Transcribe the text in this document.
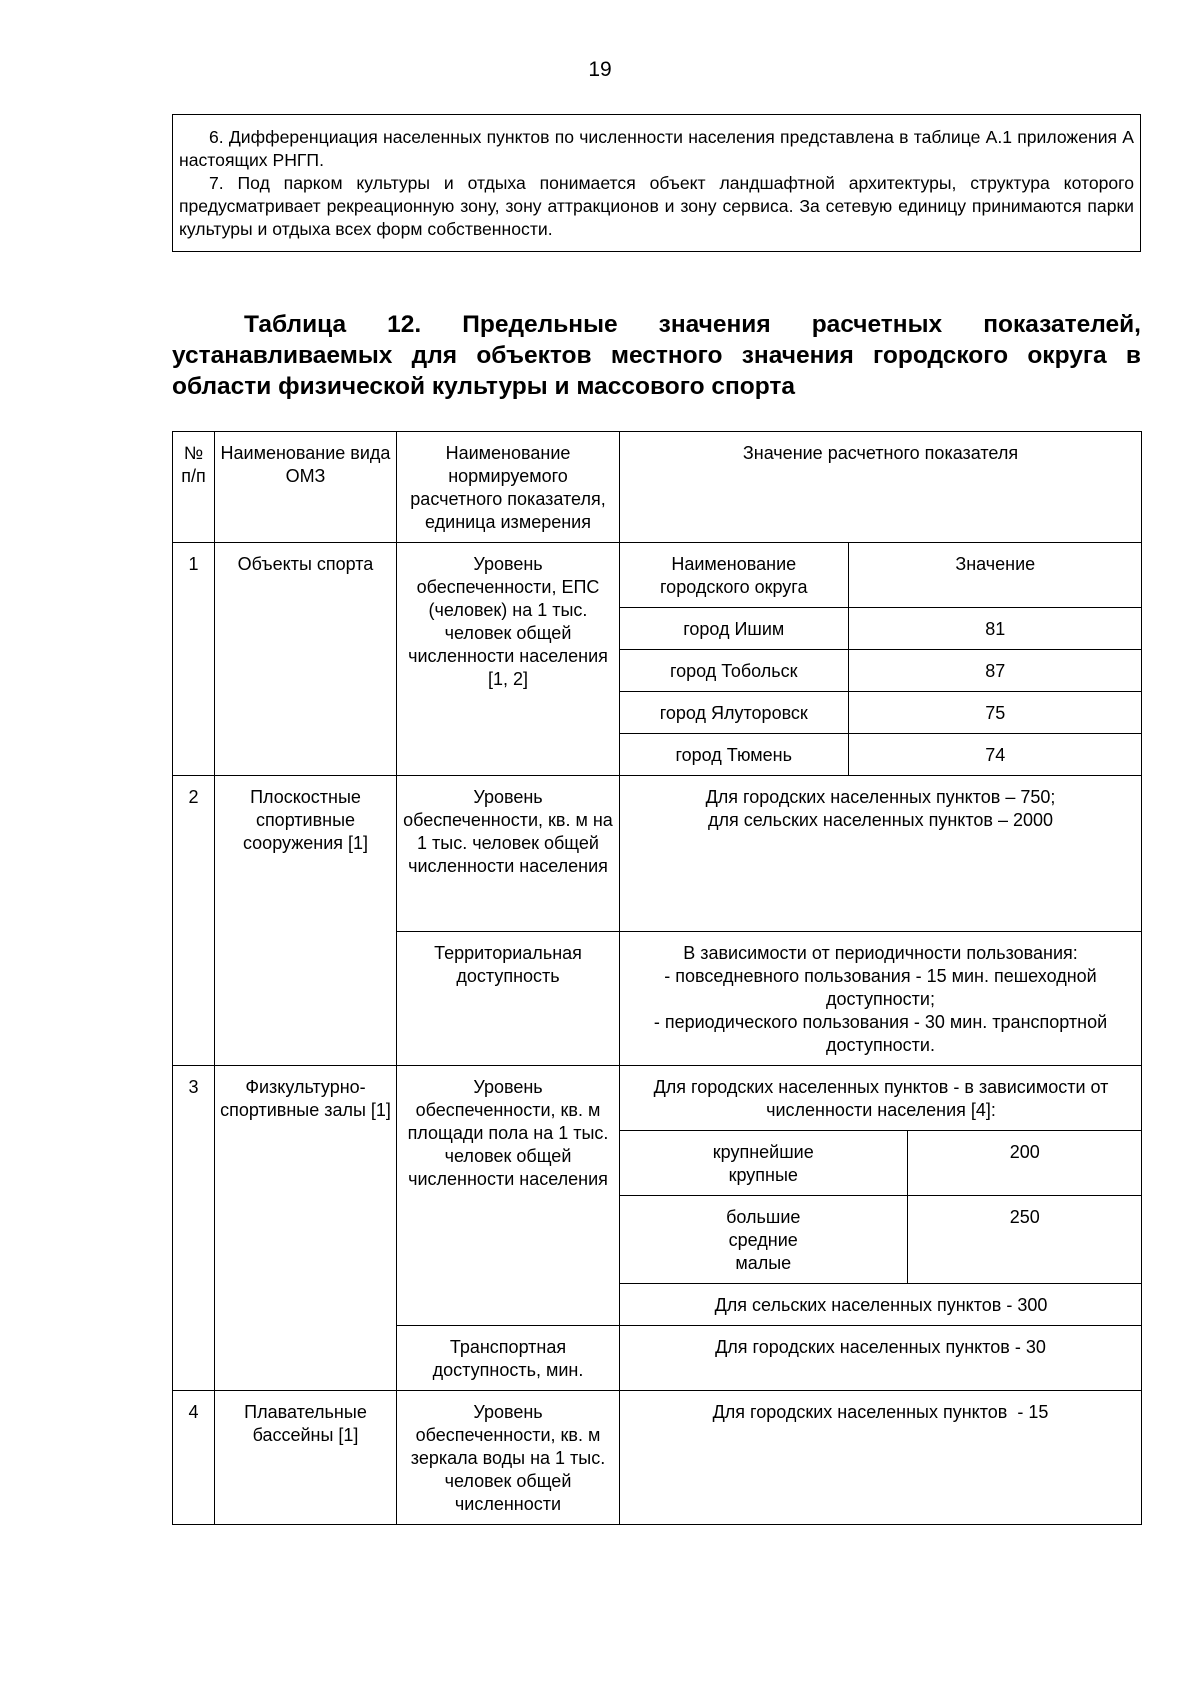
19

6. Дифференциация населенных пунктов по численности населения представлена в таблице А.1 приложения А настоящих РНГП.

7. Под парком культуры и отдыха понимается объект ландшафтной архитектуры, структура которого предусматривает рекреационную зону, зону аттракционов и зону сервиса. За сетевую единицу принимаются парки культуры и отдыха всех форм собственности.

Таблица 12. Предельные значения расчетных показателей, устанавливаемых для объектов местного значения городского округа в области физической культуры и массового спорта
№ п/п	Наименование вида ОМЗ	Наименование нормируемого расчетного показателя, единица измерения	Значение расчетного показателя
1	Объекты спорта	Уровень обеспеченности, ЕПС (человек) на 1 тыс. человек общей численности населения [1, 2]	
Наименование городского округа	Значение
город Ишим	81
город Тобольск	87
город Ялуторовск	75
город Тюмень	74

2	Плоскостные спортивные сооружения [1]	Уровень обеспеченности, кв. м на 1 тыс. человек общей численности населения	
Для городских населенных пунктов – 750;
для сельских населенных пунктов – 2000

Территориальная доступность	
В зависимости от периодичности пользования:
- повседневного пользования - 15 мин. пешеходной доступности;
- периодического пользования - 30 мин. транспортной доступности.

3	Физкультурно-спортивные залы [1]	Уровень обеспеченности, кв. м площади пола на 1 тыс. человек общей численности населения	
Для городских населенных пунктов - в зависимости от численности населения [4]:

крупнейшие
крупные
	200

большие
средние
малые
	250
Для сельских населенных пунктов - 300

Транспортная доступность, мин.	Для городских населенных пунктов - 30
4	Плавательные бассейны [1]	Уровень обеспеченности, кв. м зеркала воды на 1 тыс. человек общей численности	Для городских населенных пунктов  - 15
